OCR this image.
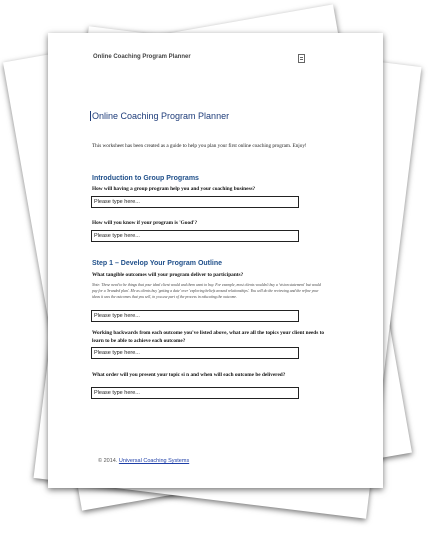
Online Coaching Program Planner
Online Coaching Program Planner
This worksheet has been created as a guide to help you plan your first online coaching program. Enjoy!
Introduction to Group Programs
How will having a group program help you and your coaching business?
Please type here...
How will you know if your program is 'Good'?
Please type here...
Step 1 – Develop Your Program Outline
What tangible outcomes will your program deliver to participants?
Note: These need to be things that your ideal client would and them want to buy. For example, most clients wouldn't buy a 'vision statement' but would pay for a 'branded plan'. Me as clients buy 'getting a date' over 'exploring beliefs around relationships'. You will do the reviewing and the refine your ideas it was the outcomes that you sell, in you use part of the process in educating the outcome.
Please type here...
Working backwards from each outcome you've listed above, what are all the topics your client needs to learn to be able to achieve each outcome?
Please type here...
What order will you present your topic si n and when will each outcome be delivered?
Please type here...
© 2014. Universal Coaching Systems
